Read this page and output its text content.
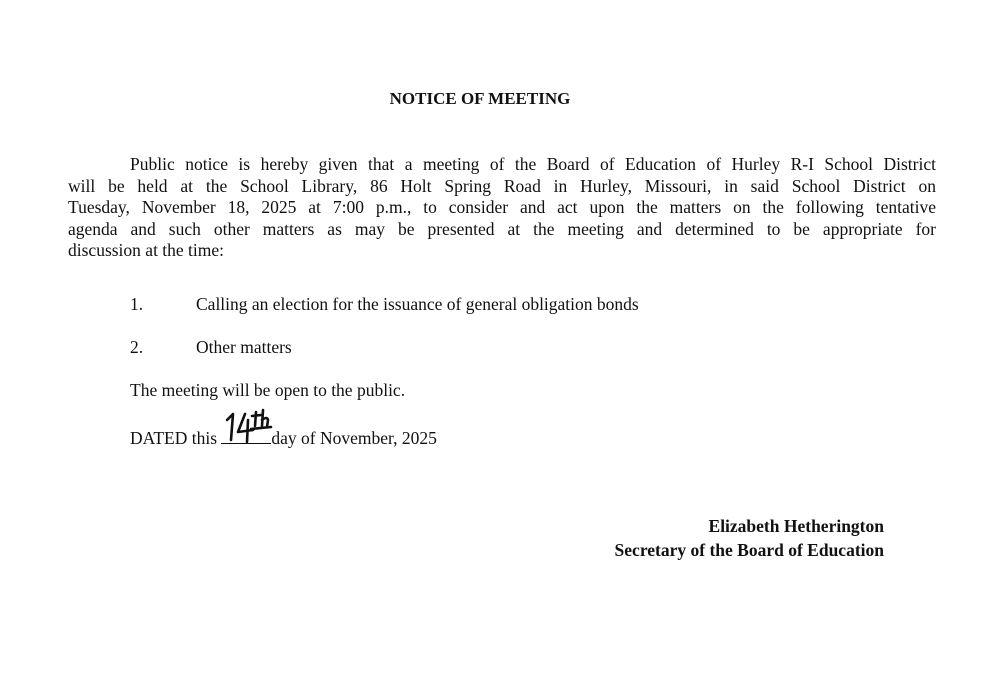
NOTICE OF MEETING
Public notice is hereby given that a meeting of the Board of Education of Hurley R-I School District
will be held at the School Library, 86 Holt Spring Road in Hurley, Missouri, in said School District on
Tuesday, November 18, 2025 at 7:00 p.m., to consider and act upon the matters on the following tentative
agenda and such other matters as may be presented at the meeting and determined to be appropriate for
discussion at the time:
1.	Calling an election for the issuance of general obligation bonds
2.	Other matters
The meeting will be open to the public.
DATED this	day of November, 2025
Elizabeth Hetherington
Secretary of the Board of Education
